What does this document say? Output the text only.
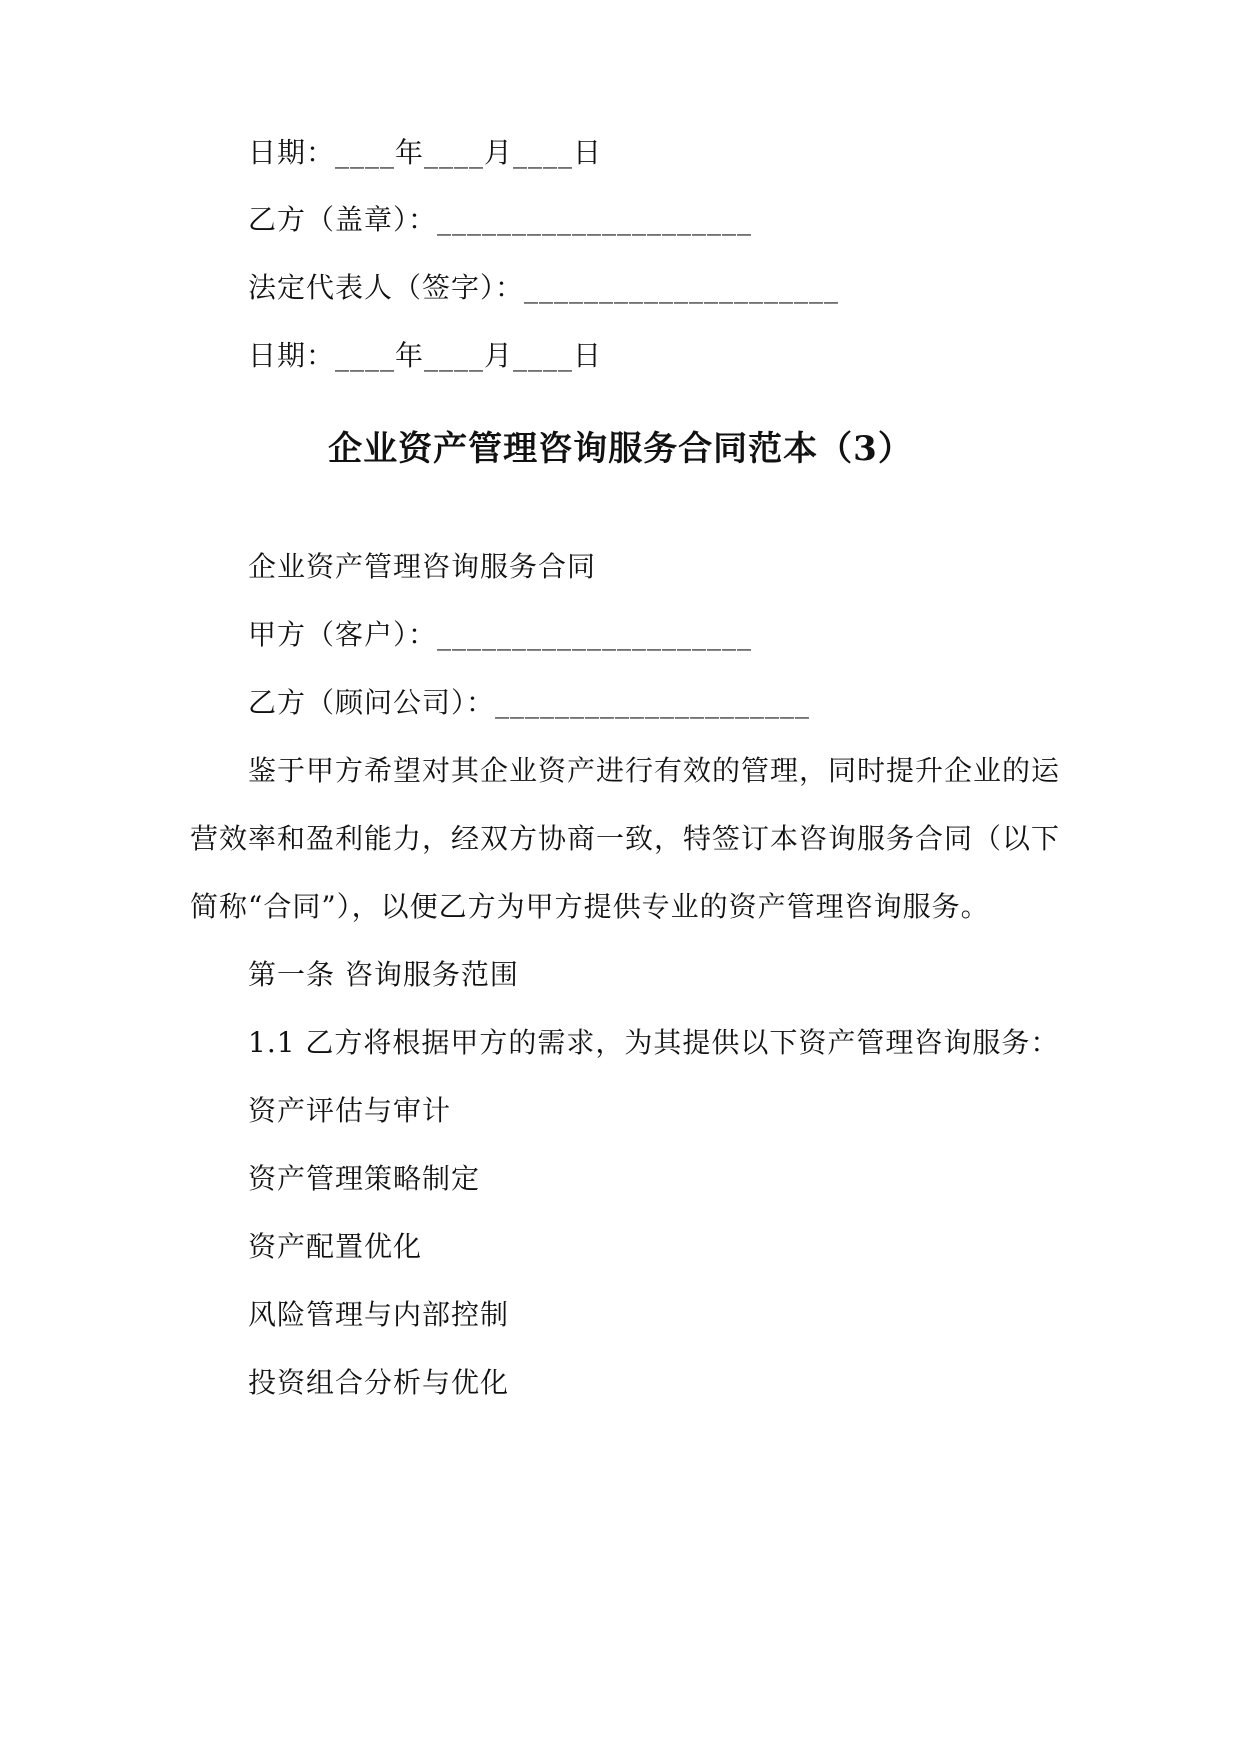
日期：____年____月____日
乙方（盖章）：_____________________
法定代表人（签字）：_____________________
日期：____年____月____日
企业资产管理咨询服务合同范本（3）
企业资产管理咨询服务合同
甲方（客户）：_____________________
乙方（顾问公司）：_____________________
鉴于甲方希望对其企业资产进行有效的管理，同时提升企业的运
营效率和盈利能力，经双方协商一致，特签订本咨询服务合同（以下
简称“合同”），以便乙方为甲方提供专业的资产管理咨询服务。
第一条 咨询服务范围
1.1 乙方将根据甲方的需求，为其提供以下资产管理咨询服务：
资产评估与审计
资产管理策略制定
资产配置优化
风险管理与内部控制
投资组合分析与优化
